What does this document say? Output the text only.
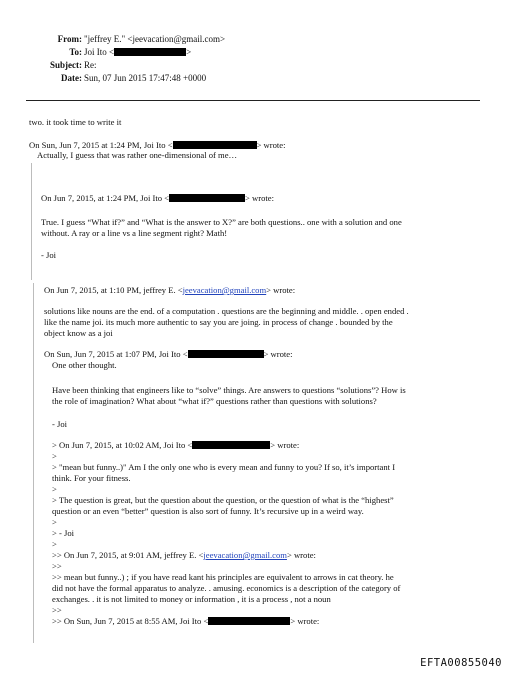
From: "jeffrey E." <jeevacation@gmail.com>
To: Joi Ito <	>
Subject: Re:
Date: Sun, 07 Jun 2015 17:47:48 +0000
two. it took time to write it
On Sun, Jun 7, 2015 at 1:24 PM, Joi Ito <	> wrote:
Actually, I guess that was rather one-dimensional of me…
On Jun 7, 2015, at 1:24 PM, Joi Ito <	> wrote:
True. I guess “What if?” and “What is the answer to X?” are both questions.. one with a solution and one
without. A ray or a line vs a line segment right? Math!
- Joi
On Jun 7, 2015, at 1:10 PM, jeffrey E. <jeevacation@gmail.com> wrote:
solutions like nouns are the end. of a computation . questions are the beginning and middle. . open ended .
like the name joi. its much more authentic to say you are joing. in process of change . bounded by the
object know as a joi
On Sun, Jun 7, 2015 at 1:07 PM, Joi Ito <	> wrote:
One other thought.
Have been thinking that engineers like to “solve” things. Are answers to questions “solutions”? How is
the role of imagination? What about “what if?” questions rather than questions with solutions?
- Joi
> On Jun 7, 2015, at 10:02 AM, Joi Ito <	> wrote:
>
> "mean but funny..)" Am I the only one who is every mean and funny to you? If so, it’s important I
think. For your fitness.
>
> The question is great, but the question about the question, or the question of what is the “highest”
question or an even “better” question is also sort of funny. It’s recursive up in a weird way.
>
> - Joi
>
>> On Jun 7, 2015, at 9:01 AM, jeffrey E. <jeevacation@gmail.com> wrote:
>>
>> mean but funny..) ; if you have read kant his principles are equivalent to arrows in cat theory. he
did not have the formal apparatus to analyze. . amusing. economics is a description of the category of
exchanges. . it is not limited to money or information , it is a process , not a noun
>>
>> On Sun, Jun 7, 2015 at 8:55 AM, Joi Ito <	> wrote:
EFTA00855040
